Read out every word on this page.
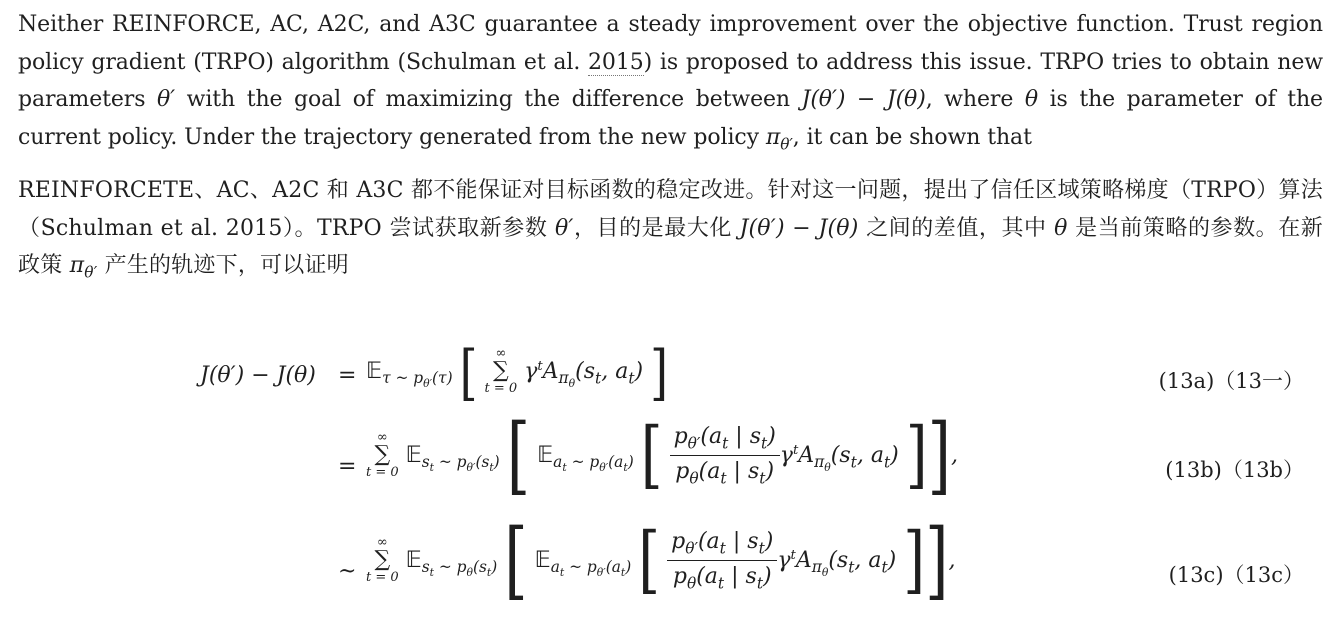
Neither REINFORCE, AC, A2C, and A3C guarantee a steady improvement over the objective function. Trust region policy gradient (TRPO) algorithm (Schulman et al. 2015) is proposed to address this issue. TRPO tries to obtain new parameters θ′ with the goal of maximizing the difference between J(θ′) − J(θ), where θ is the parameter of the current policy. Under the trajectory generated from the new policy $\pi_{\theta'}$, it can be shown that
REINFORCETE、AC、A2C 和 A3C 都不能保证对目标函数的稳定改进。针对这一问题，提出了信任区域策略梯度（TRPO）算法（Schulman et al. 2015）。TRPO 尝试获取新参数 θ′，目的是最大化 J(θ′) − J(θ) 之间的差值，其中 θ 是当前策略的参数。在新政策 $\pi_{\theta'}$ 产生的轨迹下，可以证明
J(θ′) − J(θ) = 𝔼$_{\tau \sim p_{\theta'}(\tau)}$ [	∞
∑
t = 0
$\gamma^tA_{\pi_\theta}(s_t$, $a_t$) ]	(13a)（13一）
=
∞
∑
t = 0
𝔼$_{s_t \sim p_{\theta'}(s_t)}$ [ 𝔼$_{a_t \sim p_{\theta'}(a_t)}$ [ $\frac{p_{\theta'}(a_t | s_t)}{p_\theta(a_t | s_t)} \gamma^tA_{\pi_\theta}(s_t$, $a_t$) ]],
(13b)（13b）
~
∞
∑
t = 0
𝔼$_{s_t \sim p_\theta(s_t)}$ [ 𝔼$_{a_t \sim p_{\theta'}(a_t)}$ [ $\frac{p_{\theta'}(a_t | s_t)}{p_\theta(a_t | s_t)} \gamma^tA_{\pi_\theta}(s_t$, $a_t$) ]],
(13c)（13c）
